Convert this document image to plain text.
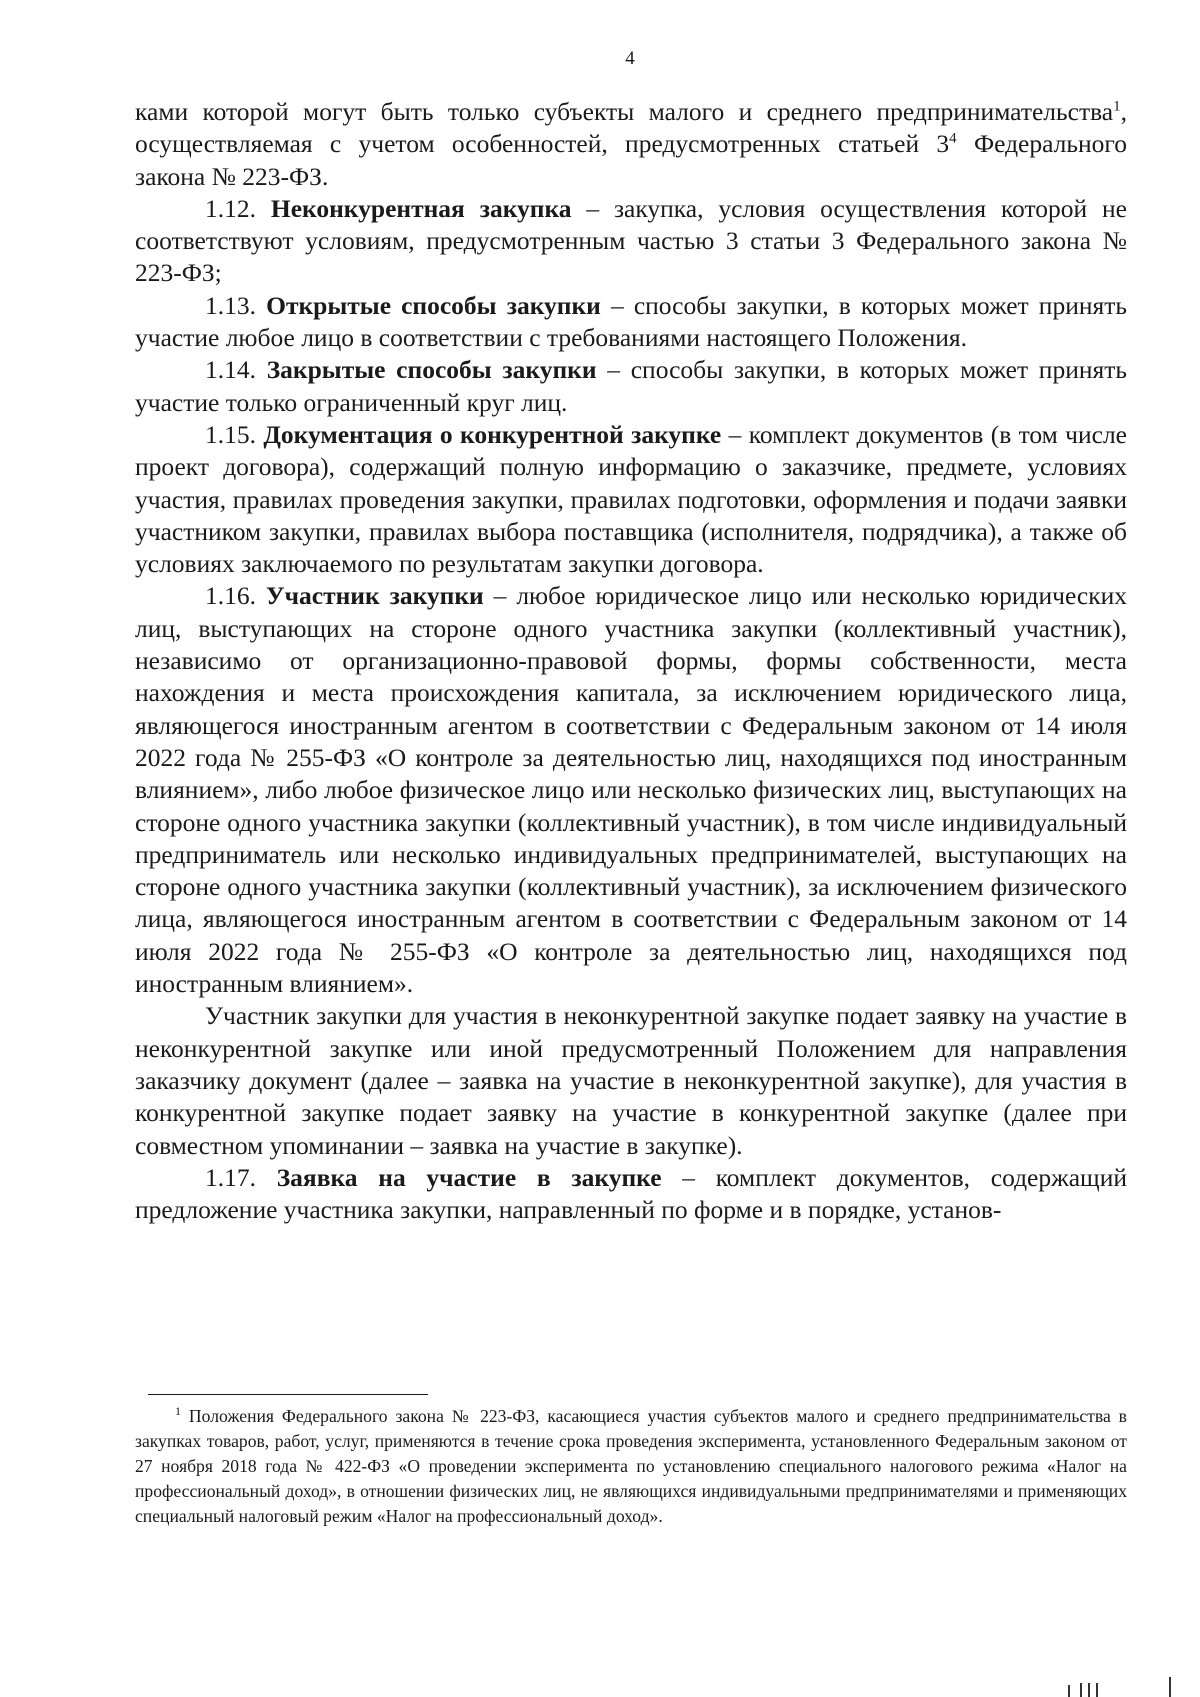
4

ками которой могут быть только субъекты малого и среднего предпринимательства$^1$, осуществляемая с учетом особенностей, предусмотренных статьей $3^4$ Федерального закона № 223-ФЗ.

1.12. Неконкурентная закупка – закупка, условия осуществления которой не соответствуют условиям, предусмотренным частью 3 статьи 3 Федерального закона № 223-ФЗ;

1.13. Открытые способы закупки – способы закупки, в которых может принять участие любое лицо в соответствии с требованиями настоящего Положения.

1.14. Закрытые способы закупки – способы закупки, в которых может принять участие только ограниченный круг лиц.

1.15. Документация о конкурентной закупке – комплект документов (в том числе проект договора), содержащий полную информацию о заказчике, предмете, условиях участия, правилах проведения закупки, правилах подготовки, оформления и подачи заявки участником закупки, правилах выбора поставщика (исполнителя, подрядчика), а также об условиях заключаемого по результатам закупки договора.

1.16. Участник закупки – любое юридическое лицо или несколько юридических лиц, выступающих на стороне одного участника закупки (коллективный участник), независимо от организационно-правовой формы, формы собственности, места нахождения и места происхождения капитала, за исключением юридического лица, являющегося иностранным агентом в соответствии с Федеральным законом от 14 июля 2022 года № 255-ФЗ «О контроле за деятельностью лиц, находящихся под иностранным влиянием», либо любое физическое лицо или несколько физических лиц, выступающих на стороне одного участника закупки (коллективный участник), в том числе индивидуальный предприниматель или несколько индивидуальных предпринимателей, выступающих на стороне одного участника закупки (коллективный участник), за исключением физического лица, являющегося иностранным агентом в соответствии с Федеральным законом от 14 июля 2022 года № 255-ФЗ «О контроле за деятельностью лиц, находящихся под иностранным влиянием».

Участник закупки для участия в неконкурентной закупке подает заявку на участие в неконкурентной закупке или иной предусмотренный Положением для направления заказчику документ (далее – заявка на участие в неконкурентной закупке), для участия в конкурентной закупке подает заявку на участие в конкурентной закупке (далее при совместном упоминании – заявка на участие в закупке).

1.17. Заявка на участие в закупке – комплект документов, содержащий предложение участника закупки, направленный по форме и в порядке, установ-

$^1$ Положения Федерального закона № 223-ФЗ, касающиеся участия субъектов малого и среднего предпринимательства в закупках товаров, работ, услуг, применяются в течение срока проведения эксперимента, установленного Федеральным законом от 27 ноября 2018 года № 422-ФЗ «О проведении эксперимента по установлению специального налогового режима «Налог на профессиональный доход», в отношении физических лиц, не являющихся индивидуальными предпринимателями и применяющих специальный налоговый режим «Налог на профессиональный доход».
